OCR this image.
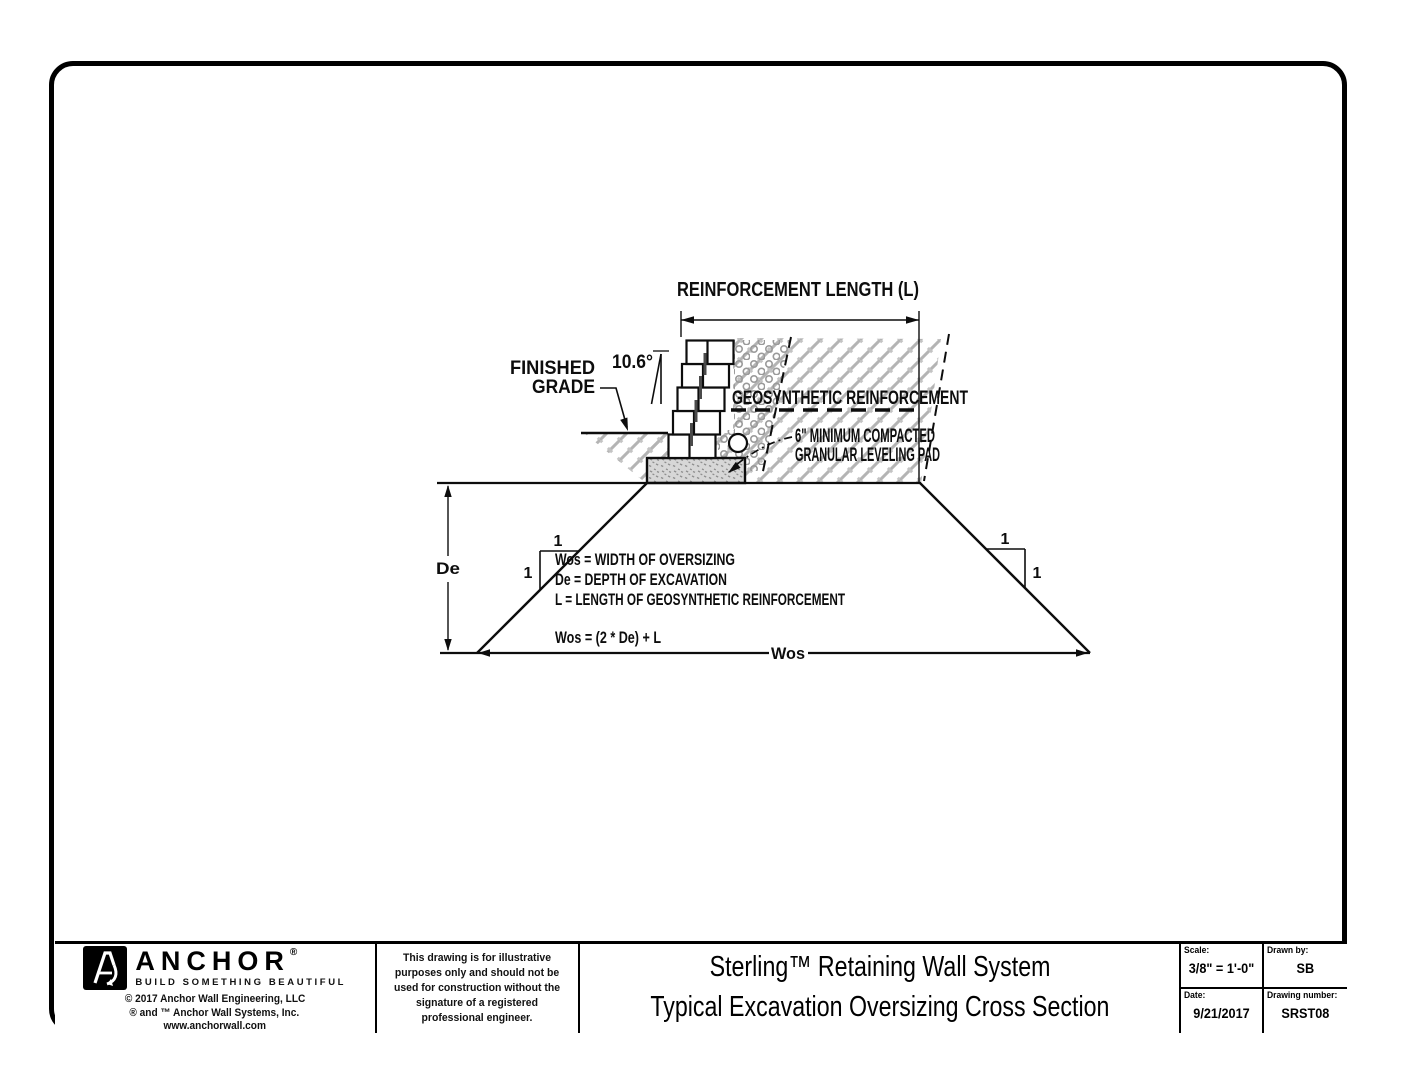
REINFORCEMENT LENGTH (L)
10.6°
FINISHED
GRADE
GEOSYNTHETIC REINFORCEMENT
6" MINIMUM COMPACTED
GRANULAR LEVELING PAD
De
Wos
1
1
1
1
Wos = WIDTH OF OVERSIZING
De = DEPTH OF EXCAVATION
L = LENGTH OF GEOSYNTHETIC REINFORCEMENT
Wos = (2 * De) + L
ANCHOR®
BUILD SOMETHING BEAUTIFUL
© 2017 Anchor Wall Engineering, LLC
® and ™ Anchor Wall Systems, Inc.
www.anchorwall.com

This drawing is for illustrative purposes only and should not be used for construction without the signature of a registered professional engineer.

Sterling™ Retaining Wall System
Typical Excavation Oversizing Cross Section
Scale:
3/8" = 1'-0"
Drawn by:
SB
Date:
9/21/2017
Drawing number:
SRST08
